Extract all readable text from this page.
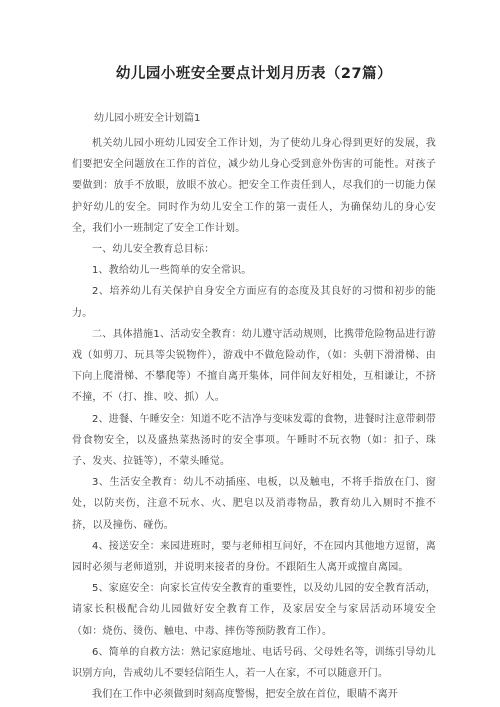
幼儿园小班安全要点计划月历表（27篇）
幼儿园小班安全计划篇1

机关幼儿园小班幼儿园安全工作计划，为了使幼儿身心得到更好的发展，我们要把安全问题放在工作的首位，减少幼儿身心受到意外伤害的可能性。对孩子要做到：放手不放眼，放眼不放心。把安全工作责任到人，尽我们的一切能力保护好幼儿的安全。同时作为幼儿安全工作的第一责任人，为确保幼儿的身心安全，我们小一班制定了安全工作计划。

一、幼儿安全教育总目标：

1、教给幼儿一些简单的安全常识。

2、培养幼儿有关保护自身安全方面应有的态度及其良好的习惯和初步的能力。

二、具体措施1、活动安全教育：幼儿遵守活动规则，比携带危险物品进行游戏（如剪刀、玩具等尖锐物件），游戏中不做危险动作，（如：头朝下滑滑梯、由下向上爬滑梯、不攀爬等）不擅自离开集体，同伴间友好相处，互相谦让，不挤不撞，不（打、推、咬、抓）人。

2、进餐、午睡安全：知道不吃不洁净与变味发霉的食物，进餐时注意带刺带骨食物安全，以及盛热菜热汤时的安全事项。午睡时不玩衣物（如：扣子、珠子、发夹、拉链等），不蒙头睡觉。

3、生活安全教育：幼儿不动插座、电板，以及触电，不将手指放在门、窗处，以防夹伤，注意不玩水、火、肥皂以及消毒物品，教育幼儿入厕时不推不挤，以及撞伤、碰伤。

4、接送安全：来园进班时，要与老师相互问好，不在园内其他地方逗留，离园时必须与老师道别，并说明来接者的身份。不跟陌生人离开或擅自离园。

5、家庭安全：向家长宣传安全教育的重要性，以及幼儿园的安全教育活动，请家长积极配合幼儿园做好安全教育工作，及家居安全与家居活动环境安全（如：烧伤、烫伤、触电、中毒、摔伤等预防教育工作）。

6、简单的自救方法：熟记家庭地址、电话号码、父母姓名等，训练引导幼儿识别方向，告戒幼儿不要轻信陌生人，若一人在家，不可以随意开门。

我们在工作中必须做到时刻高度警惕，把安全放在首位，眼睛不离开
